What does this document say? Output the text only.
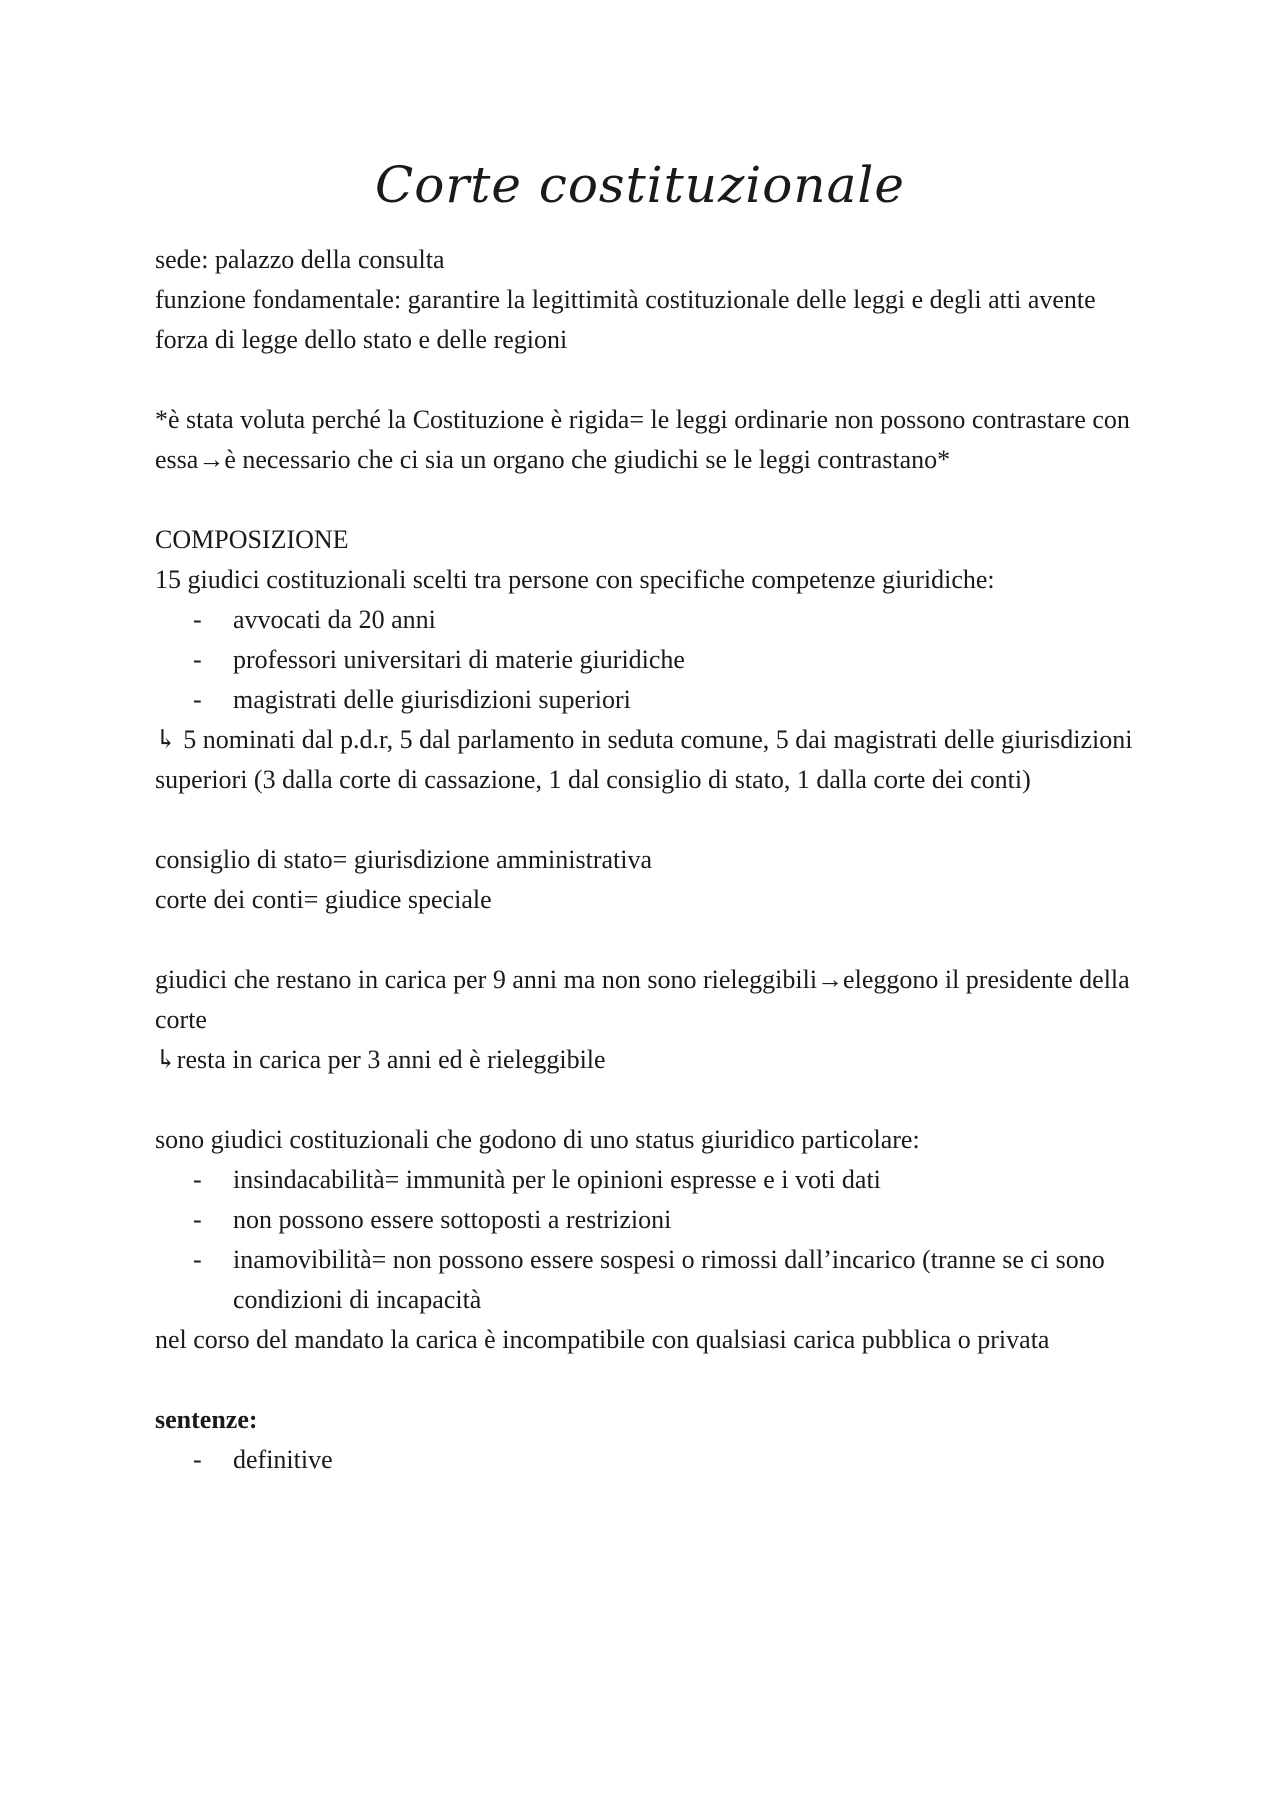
Corte costituzionale
sede: palazzo della consulta
funzione fondamentale: garantire la legittimità costituzionale delle leggi e degli atti avente forza di legge dello stato e delle regioni
*è stata voluta perché la Costituzione è rigida= le leggi ordinarie non possono contrastare con essa→è necessario che ci sia un organo che giudichi se le leggi contrastano*
COMPOSIZIONE
15 giudici costituzionali scelti tra persone con specifiche competenze giuridiche:
- avvocati da 20 anni
- professori universitari di materie giuridiche
- magistrati delle giurisdizioni superiori
↳ 5 nominati dal p.d.r, 5 dal parlamento in seduta comune, 5 dai magistrati delle giurisdizioni superiori (3 dalla corte di cassazione, 1 dal consiglio di stato, 1 dalla corte dei conti)
consiglio di stato= giurisdizione amministrativa
corte dei conti= giudice speciale
giudici che restano in carica per 9 anni ma non sono rieleggibili→eleggono il presidente della corte
↳resta in carica per 3 anni ed è rieleggibile
sono giudici costituzionali che godono di uno status giuridico particolare:
- insindacabilità= immunità per le opinioni espresse e i voti dati
- non possono essere sottoposti a restrizioni
- inamovibilità= non possono essere sospesi o rimossi dall’incarico (tranne se ci sono condizioni di incapacità
nel corso del mandato la carica è incompatibile con qualsiasi carica pubblica o privata
sentenze:
- definitive
